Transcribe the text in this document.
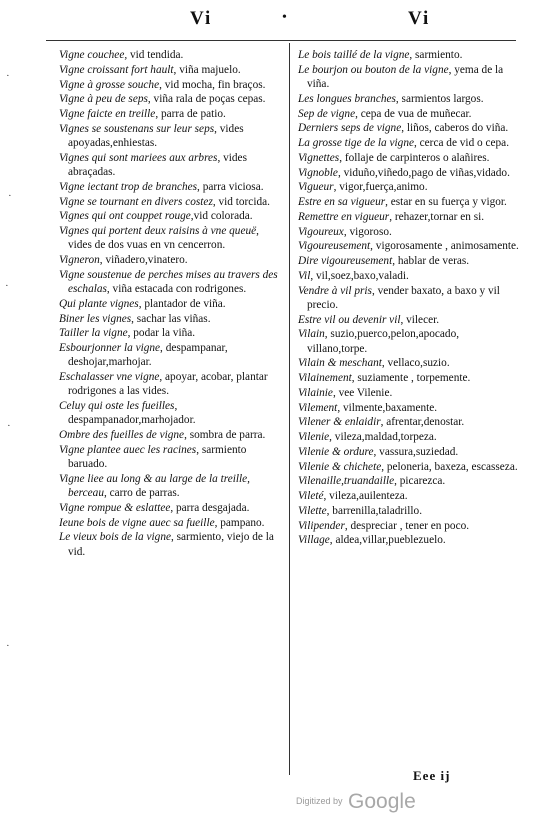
·
·
·
·
·
Vi	•	Vi
Vigne couchee, vid tendida.
Vigne croissant fort hault, viña majuelo.
Vigne à grosse souche, vid mocha, fin braços.
Vigne à peu de seps, viña rala de poças cepas.
Vigne faicte en treille, parra de patio.
Vignes se soustenans sur leur seps, vides apoyadas,enhiestas.
Vignes qui sont mariees aux arbres, vides abraçadas.
Vigne iectant trop de branches, parra viciosa.
Vigne se tournant en divers costez, vid torcida.
Vignes qui ont couppet rouge,vid colorada.
Vignes qui portent deux raisins à vne queuë, vides de dos vuas en vn cencerron.
Vigneron, viñadero,vinatero.
Vigne soustenue de perches mises au travers des eschalas, viña estacada con rodrigones.
Qui plante vignes, plantador de viña.
Biner les vignes, sachar las viñas.
Tailler la vigne, podar la viña.
Esbourjonner la vigne, despampanar, deshojar,marhojar.
Eschalasser vne vigne, apoyar, acobar, plantar rodrigones a las vides.
Celuy qui oste les fueilles, despampanador,marhojador.
Ombre des fueilles de vigne, sombra de parra.
Vigne plantee auec les racines, sarmiento baruado.
Vigne liee au long & au large de la treille, berceau, carro de parras.
Vigne rompue & eslattee, parra desgajada.
Ieune bois de vigne auec sa fueille, pampano.
Le vieux bois de la vigne, sarmiento, viejo de la vid.
Le bois taillé de la vigne, sarmiento.
Le bourjon ou bouton de la vigne, yema de la viña.
Les longues branches, sarmientos largos.
Sep de vigne, cepa de vua de muñecar.
Derniers seps de vigne, liños, caberos do viña.
La grosse tige de la vigne, cerca de vid o cepa.
Vignettes, follaje de carpinteros o alañires.
Vignoble, viduño,viñedo,pago de viñas,vidado.
Vigueur, vigor,fuerça,animo.
Estre en sa vigueur, estar en su fuerça y vigor.
Remettre en vigueur, rehazer,tornar en si.
Vigoureux, vigoroso.
Vigoureusement, vigorosamente , animosamente.
Dire vigoureusement, hablar de veras.
Vil, vil,soez,baxo,valadi.
Vendre à vil pris, vender baxato, a baxo y vil precio.
Estre vil ou devenir vil, vilecer.
Vilain, suzio,puerco,pelon,apocado, villano,torpe.
Vilain & meschant, vellaco,suzio.
Vilainement, suziamente , torpemente.
Vilainie, vee Vilenie.
Vilement, vilmente,baxamente.
Vilener & enlaidir, afrentar,denostar.
Vilenie, vileza,maldad,torpeza.
Vilenie & ordure, vassura,suziedad.
Vilenie & chichete, peloneria, baxeza, escasseza.
Vilenaille,truandaille, picarezca.
Vileté, vileza,auilenteza.
Vilette, barrenilla,taladrillo.
Vilipender, despreciar , tener en poco.
Village, aldea,villar,pueblezuelo.
Eee ij
Digitized by Google
